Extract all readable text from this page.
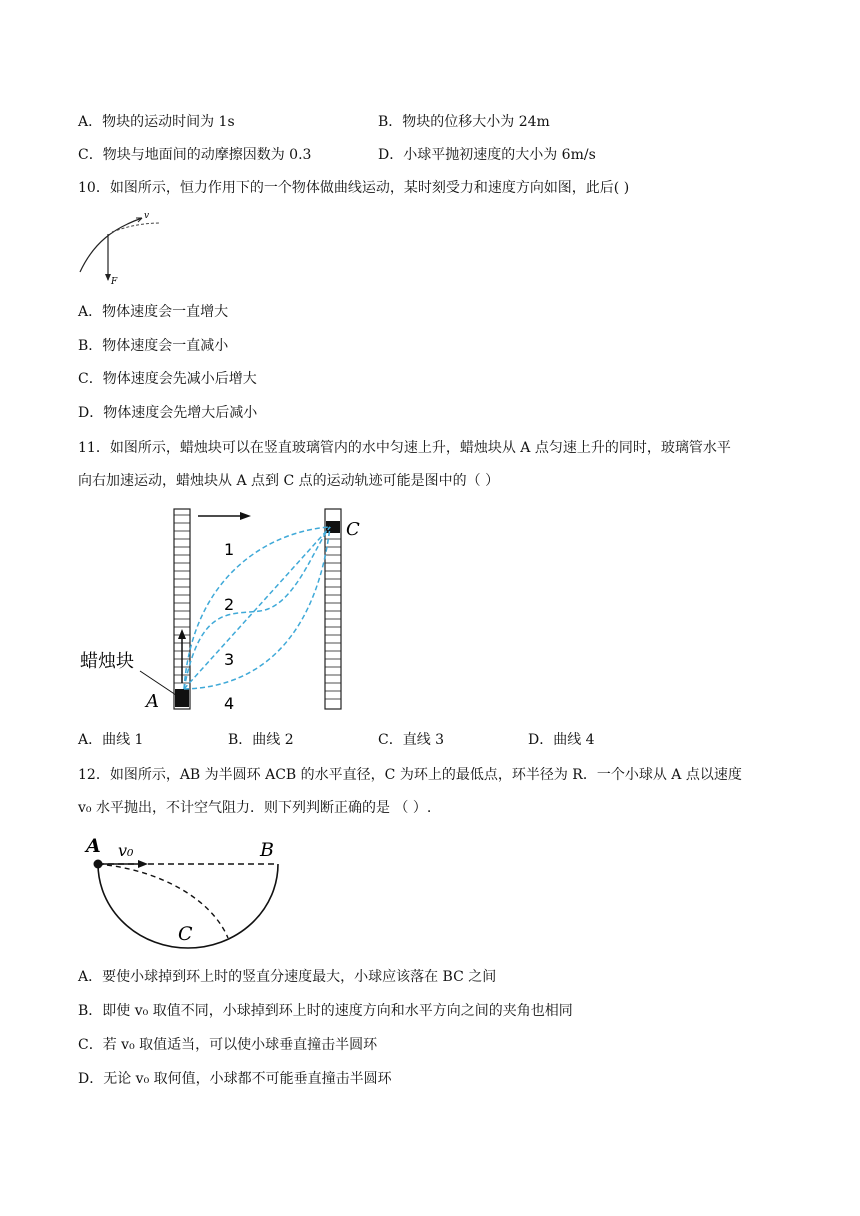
A．物块的运动时间为 1s	B．物块的位移大小为 24m
C．物块与地面间的动摩擦因数为 0.3	D．小球平抛初速度的大小为 6m/s
10．如图所示，恒力作用下的一个物体做曲线运动，某时刻受力和速度方向如图，此后( )
v
F
A．物体速度会一直增大
B．物体速度会一直减小
C．物体速度会先减小后增大
D．物体速度会先增大后减小
11．如图所示，蜡烛块可以在竖直玻璃管内的水中匀速上升，蜡烛块从 A 点匀速上升的同时，玻璃管水平
向右加速运动，蜡烛块从 A 点到 C 点的运动轨迹可能是图中的（ ）
1
2
3
4
蜡烛块
A
C
A．曲线 1	B．曲线 2	C．直线 3	D．曲线 4
12．如图所示，AB 为半圆环 ACB 的水平直径，C 为环上的最低点，环半径为 R．一个小球从 A 点以速度
v₀ 水平抛出，不计空气阻力．则下列判断正确的是 （ ）.
A v₀	B
C
A．要使小球掉到环上时的竖直分速度最大，小球应该落在 BC 之间
B．即使 v₀ 取值不同，小球掉到环上时的速度方向和水平方向之间的夹角也相同
C．若 v₀ 取值适当，可以使小球垂直撞击半圆环
D．无论 v₀ 取何值，小球都不可能垂直撞击半圆环
